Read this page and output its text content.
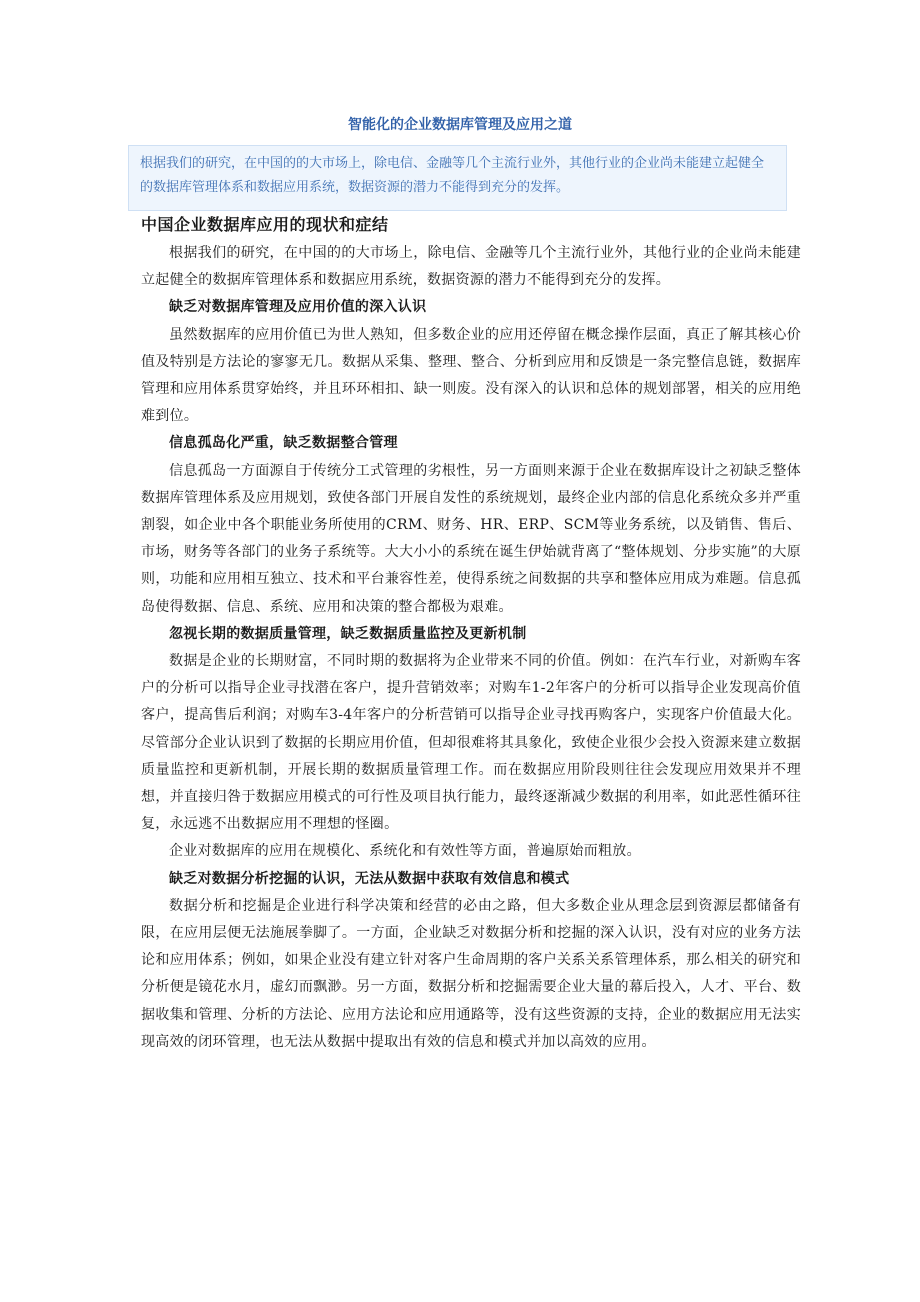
智能化的企业数据库管理及应用之道
根据我们的研究，在中国的的大市场上，除电信、金融等几个主流行业外，其他行业的企业尚未能建立起健全的数据库管理体系和数据应用系统，数据资源的潜力不能得到充分的发挥。
中国企业数据库应用的现状和症结

根据我们的研究，在中国的的大市场上，除电信、金融等几个主流行业外，其他行业的企业尚未能建立起健全的数据库管理体系和数据应用系统，数据资源的潜力不能得到充分的发挥。

缺乏对数据库管理及应用价值的深入认识

虽然数据库的应用价值已为世人熟知，但多数企业的应用还停留在概念操作层面，真正了解其核心价值及特别是方法论的寥寥无几。数据从采集、整理、整合、分析到应用和反馈是一条完整信息链，数据库管理和应用体系贯穿始终，并且环环相扣、缺一则废。没有深入的认识和总体的规划部署，相关的应用绝难到位。

信息孤岛化严重，缺乏数据整合管理

信息孤岛一方面源自于传统分工式管理的劣根性，另一方面则来源于企业在数据库设计之初缺乏整体数据库管理体系及应用规划，致使各部门开展自发性的系统规划，最终企业内部的信息化系统众多并严重割裂，如企业中各个职能业务所使用的CRM、财务、HR、ERP、SCM等业务系统，以及销售、售后、市场，财务等各部门的业务子系统等。大大小小的系统在诞生伊始就背离了“整体规划、分步实施”的大原则，功能和应用相互独立、技术和平台兼容性差，使得系统之间数据的共享和整体应用成为难题。信息孤岛使得数据、信息、系统、应用和决策的整合都极为艰难。

忽视长期的数据质量管理，缺乏数据质量监控及更新机制

数据是企业的长期财富，不同时期的数据将为企业带来不同的价值。例如：在汽车行业，对新购车客户的分析可以指导企业寻找潜在客户，提升营销效率；对购车1-2年客户的分析可以指导企业发现高价值客户，提高售后利润；对购车3-4年客户的分析营销可以指导企业寻找再购客户，实现客户价值最大化。尽管部分企业认识到了数据的长期应用价值，但却很难将其具象化，致使企业很少会投入资源来建立数据质量监控和更新机制，开展长期的数据质量管理工作。而在数据应用阶段则往往会发现应用效果并不理想，并直接归咎于数据应用模式的可行性及项目执行能力，最终逐渐减少数据的利用率，如此恶性循环往复，永远逃不出数据应用不理想的怪圈。

企业对数据库的应用在规模化、系统化和有效性等方面，普遍原始而粗放。

缺乏对数据分析挖掘的认识，无法从数据中获取有效信息和模式

数据分析和挖掘是企业进行科学决策和经营的必由之路，但大多数企业从理念层到资源层都储备有限，在应用层便无法施展拳脚了。一方面，企业缺乏对数据分析和挖掘的深入认识，没有对应的业务方法论和应用体系；例如，如果企业没有建立针对客户生命周期的客户关系关系管理体系，那么相关的研究和分析便是镜花水月，虚幻而飘渺。另一方面，数据分析和挖掘需要企业大量的幕后投入，人才、平台、数据收集和管理、分析的方法论、应用方法论和应用通路等，没有这些资源的支持，企业的数据应用无法实现高效的闭环管理，也无法从数据中提取出有效的信息和模式并加以高效的应用。
